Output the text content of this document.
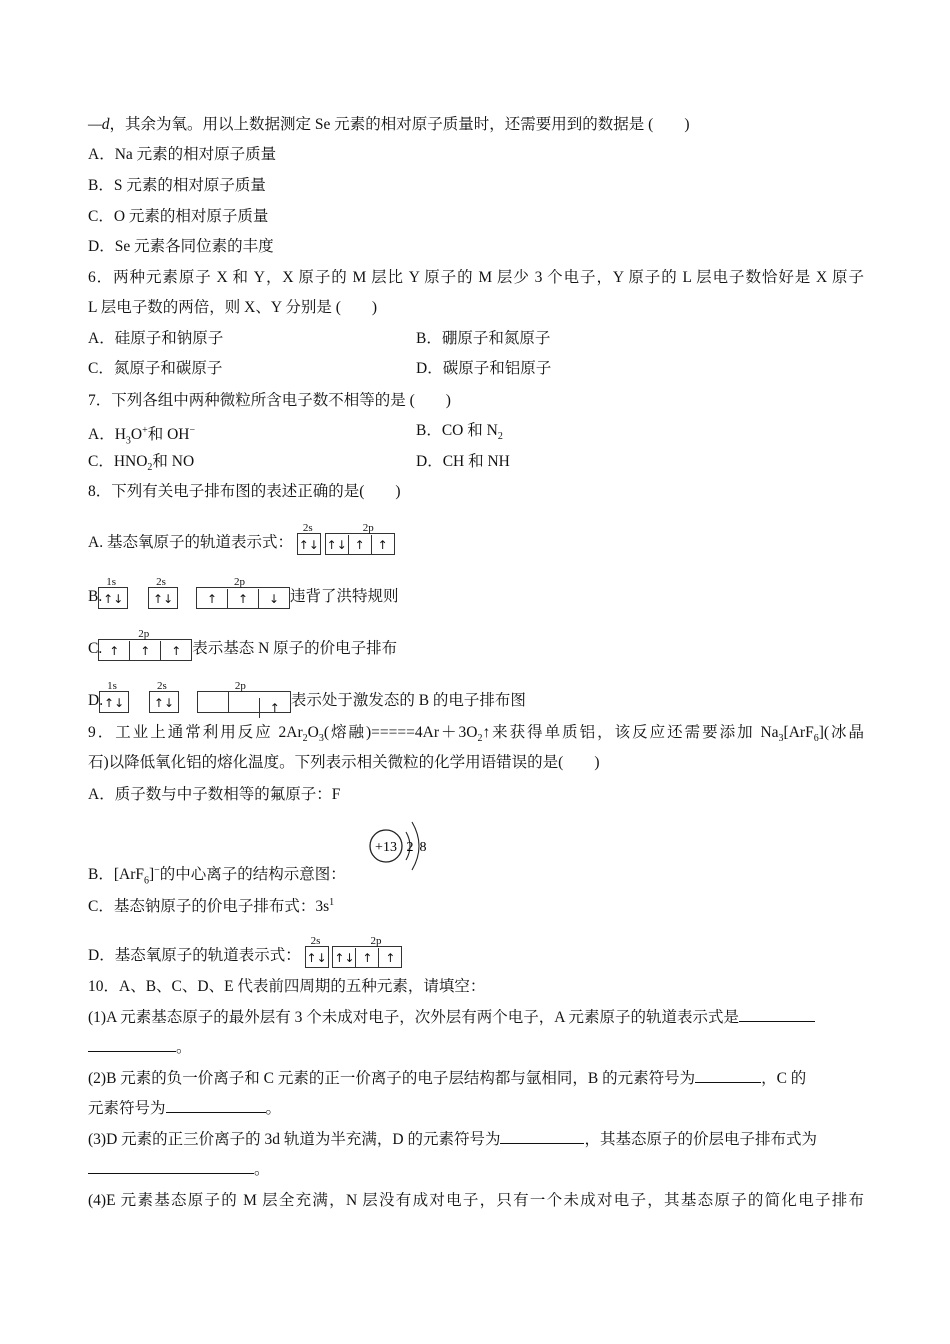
—d，其余为氧。用以上数据测定 Se 元素的相对原子质量时，还需要用到的数据是 (　　)
A．Na 元素的相对原子质量
B．S 元素的相对原子质量
C．O 元素的相对原子质量
D．Se 元素各同位素的丰度
6．两种元素原子 X 和 Y，X 原子的 M 层比 Y 原子的 M 层少 3 个电子，Y 原子的 L 层电子数恰好是 X 原子
L 层电子数的两倍，则 X、Y 分别是 (　　)
A．硅原子和钠原子	B．硼原子和氮原子
C．氮原子和碳原子	D．碳原子和铝原子
7．下列各组中两种微粒所含电子数不相等的是 (　　)
A．$H_3O^+$和 OH−	B．CO 和 $N_2$
C．$HNO_2$和 NO	D．CH 和 NH
8．下列有关电子排布图的表述正确的是(　　)
A. 基态氧原子的轨道表示式：
2s
↑↓
2p
↑↓ ↑ ↑
B.
1s
↑↓
2s
↑↓
2p
↑ ↑ ↓ 违背了洪特规则
C.
2p
↑ ↑ ↑ 表示基态 N 原子的价电子排布
D.
1s
↑↓
2s
↑↓
2p
↑ 表示处于激发态的 B 的电子排布图
9．工业上通常利用反应 $2Ar_2O_3$(熔融)$=====4Ar+3O_2↑$来获得单质铝，该反应还需要添加 $Na_3[ArF_6]$(冰晶
石)以降低氧化铝的熔化温度。下列表示相关微粒的化学用语错误的是(　　)
A．质子数与中子数相等的氟原子：F
B．[ArF$_6$]−的中心离子的结构示意图：
+13 2 8
C．基态钠原子的价电子排布式：$3s^1$
D．基态氧原子的轨道表示式：
2s
↑↓
2p
↑↓ ↑ ↑
10．A、B、C、D、E 代表前四周期的五种元素，请填空：
(1)A 元素基态原子的最外层有 3 个未成对电子，次外层有两个电子，A 元素原子的轨道表示式是
。
(2)B 元素的负一价离子和 C 元素的正一价离子的电子层结构都与氩相同，B 的元素符号为	，C 的
元素符号为	。
(3)D 元素的正三价离子的 3d 轨道为半充满，D 的元素符号为	，其基态原子的价层电子排布式为
。
(4)E 元素基态原子的 M 层全充满，N 层没有成对电子，只有一个未成对电子，其基态原子的简化电子排布
